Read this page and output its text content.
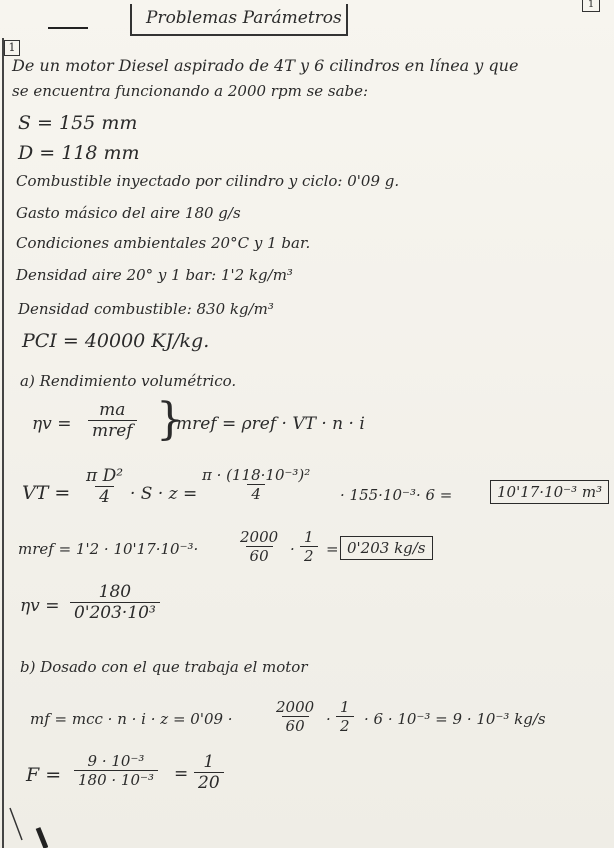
Problemas Parámetros
1
1
De un motor Diesel aspirado de 4T y 6 cilindros en línea y que
se encuentra funcionando a 2000 rpm se sabe:
S = 155 mm
D = 118 mm
Combustible inyectado por cilindro y ciclo: 0'09 g.
Gasto másico del aire 180 g/s
Condiciones ambientales 20°C y 1 bar.
Densidad aire 20° y 1 bar: 1'2 kg/m³
Densidad combustible: 830 kg/m³
PCI = 40000 KJ/kg.
a) Rendimiento volumétrico.
ηv =
ma
mref }
mref = ρref · VT · n · i
VT = $\frac{\text{π D²}}{4} \cdot S \cdot z = \frac{\text{π · (118·10⁻³)²}}{4} \cdot 155\cdot 10^{-3}\cdot 6$ =	10'17·10⁻³ m³
mref = 1'2 · 10'17·10⁻³·	$\frac{2000}{60} \cdot \frac{1}{2} = 0'203$ kg/s
$\eta v = \frac{180}{\text{0'203·10³}}$
b) Dosado con el que trabaja el motor
mf = mcc · n · i · z = 0'09 ·	$\frac{2000}{60} \cdot \frac{1}{2} \cdot 6 \cdot 10^{-3} = 9 \cdot 10^{-3}$ kg/s
$F = \frac{\text{9 · 10⁻³}}{\text{180 · 10⁻³}} = \frac{1}{20}$
